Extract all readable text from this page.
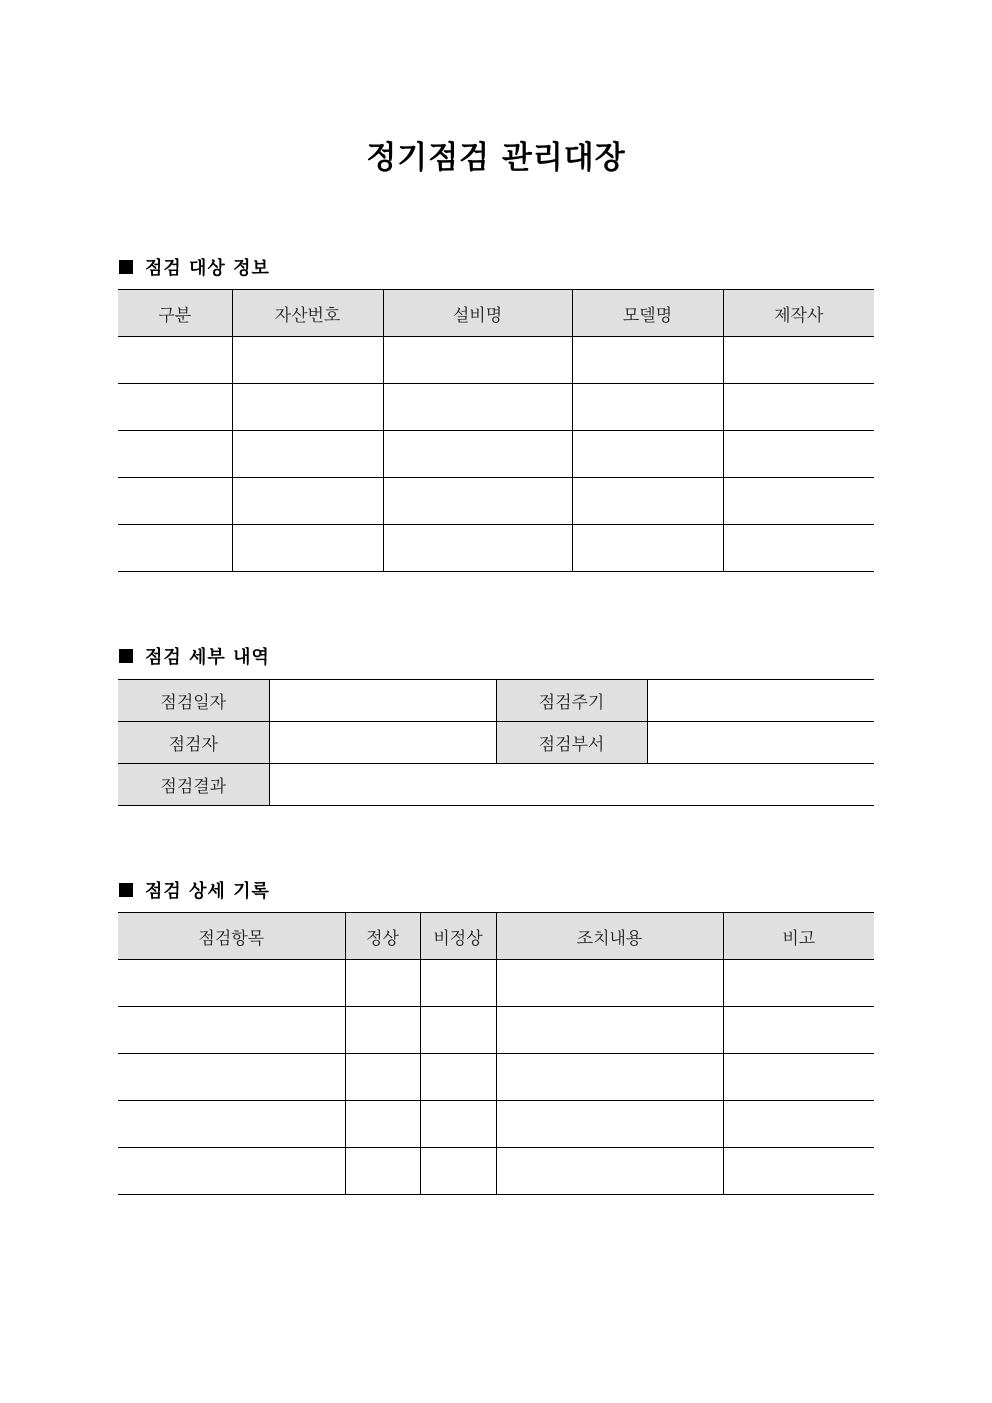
정기점검 관리대장
점검 대상 정보
구분	자산번호	설비명	모델명	제작사

점검 세부 내역
점검일자		점검주기	
점검자		점검부서	
점검결과			
점검 상세 기록
점검항목	정상	비정상	조치내용	비고
